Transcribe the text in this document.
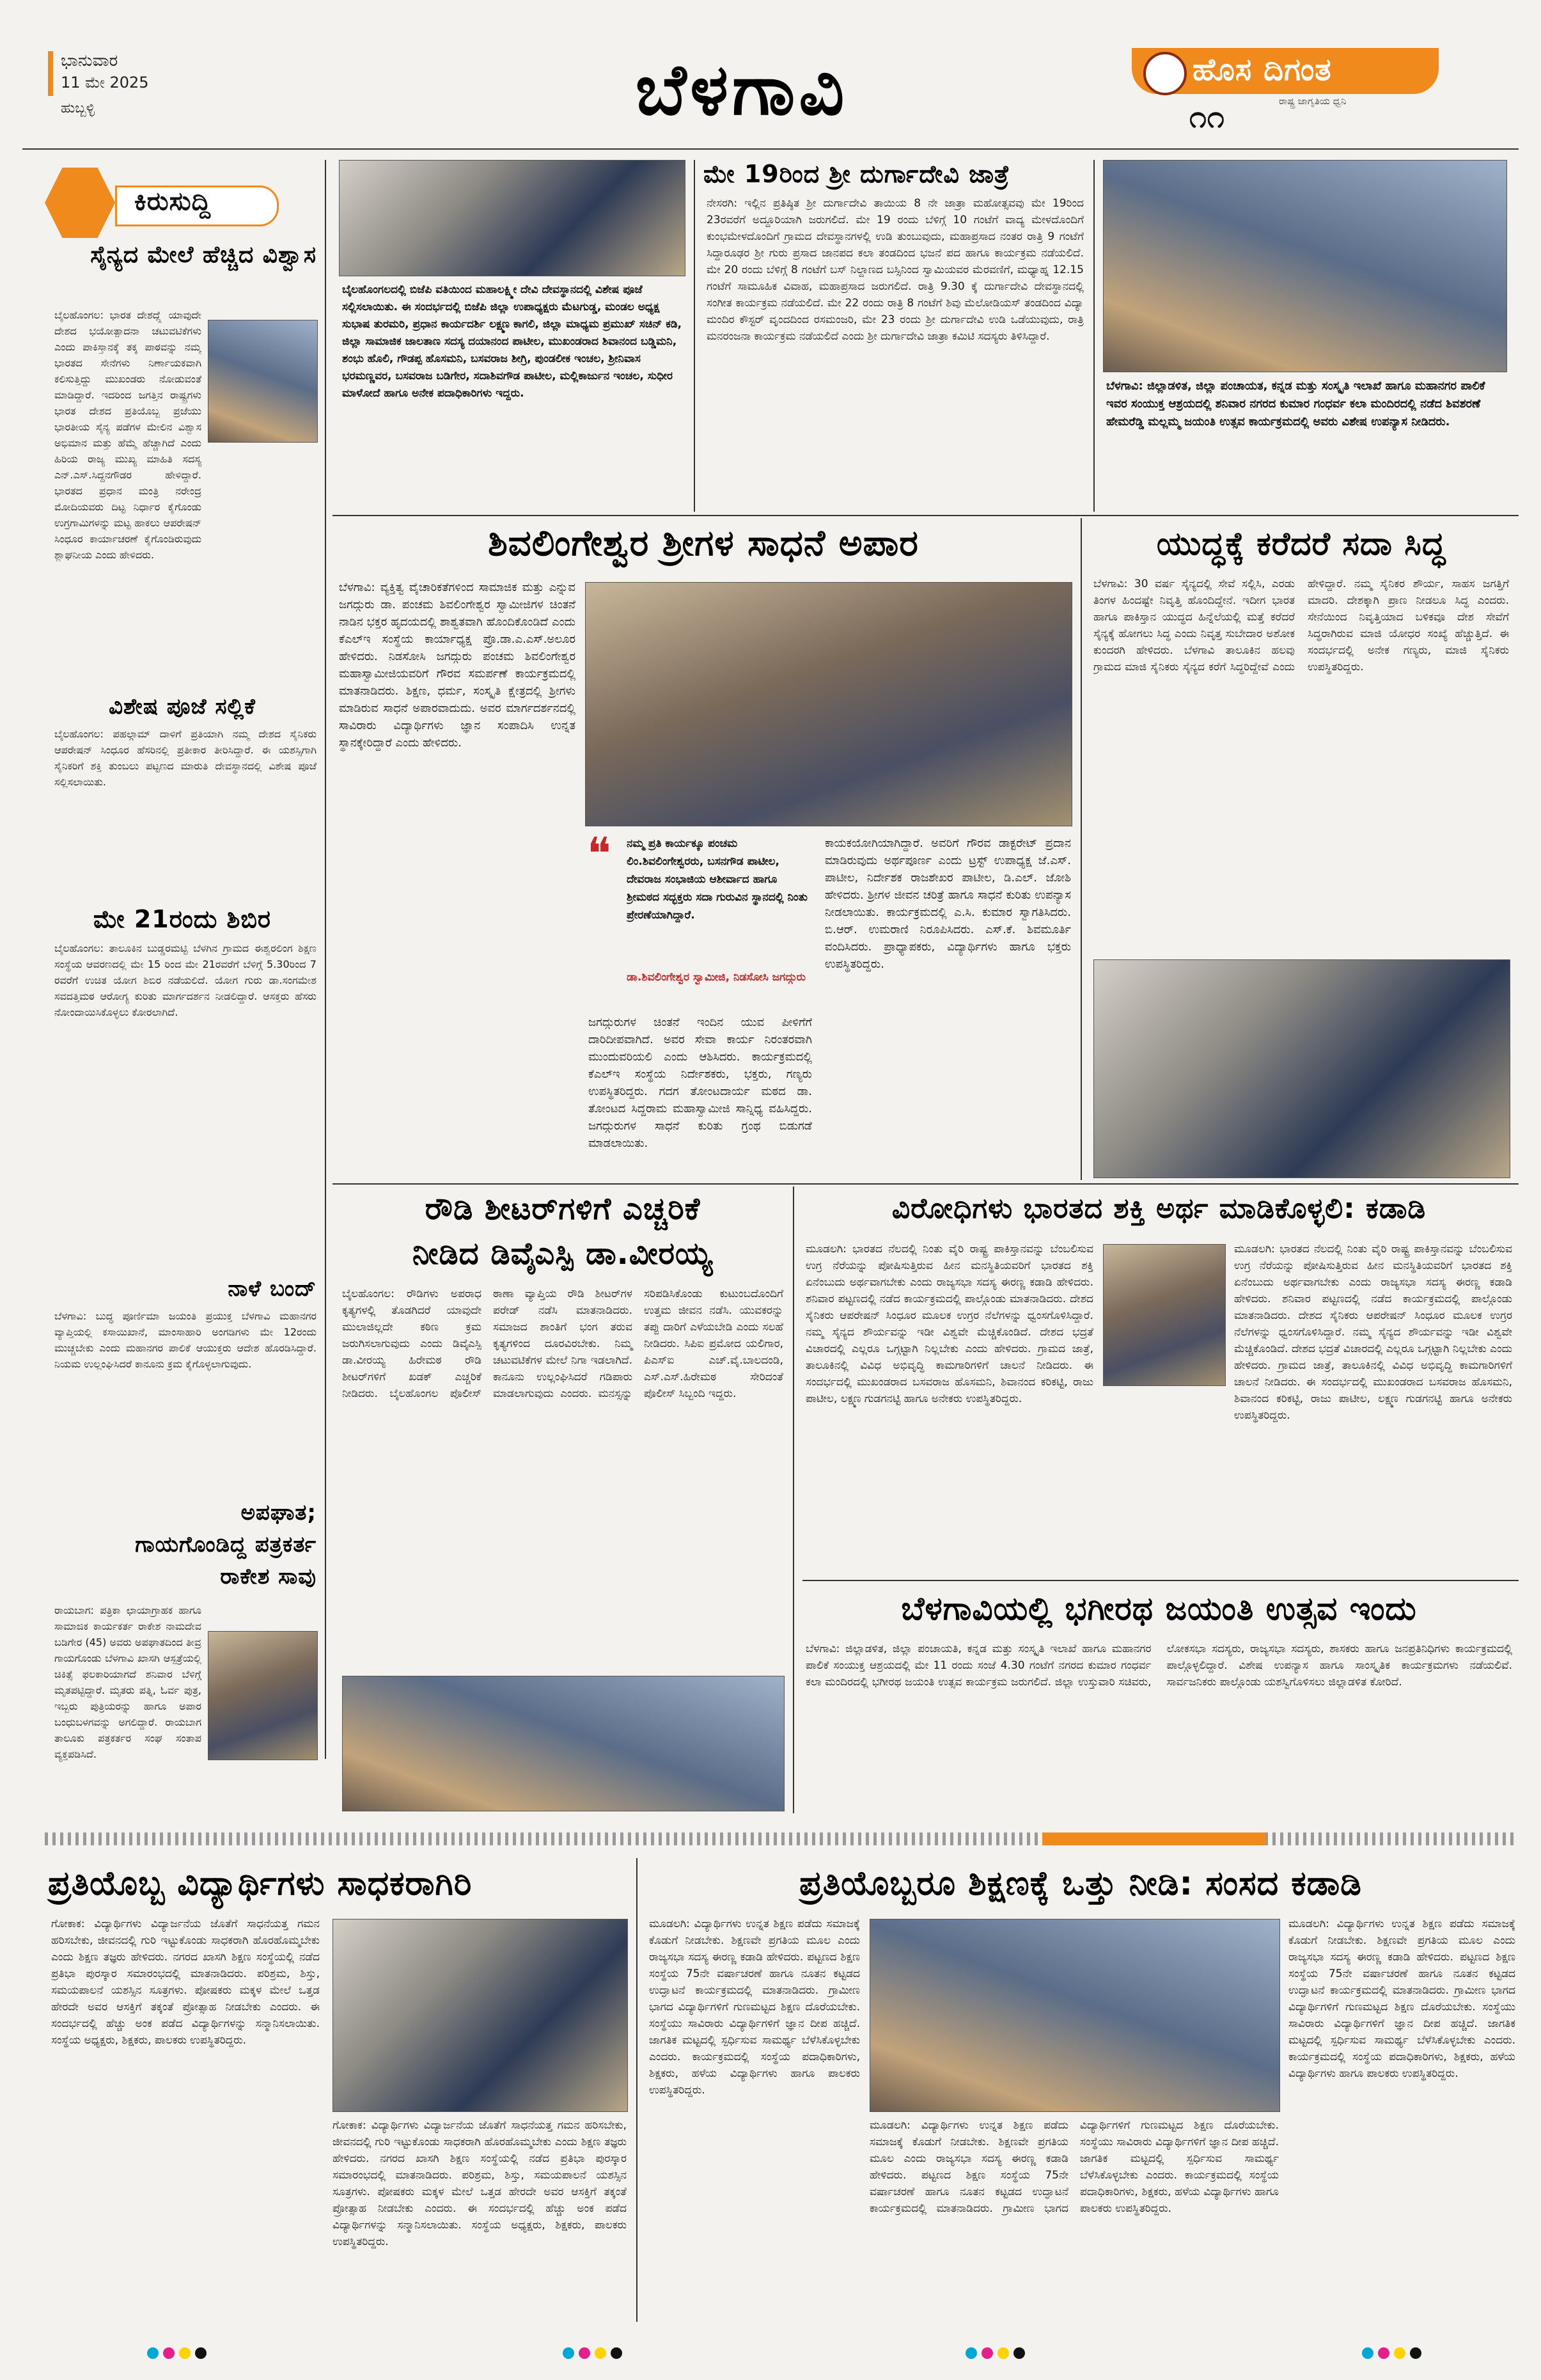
ಭಾನುವಾರ
11 ಮೇ 2025
ಹುಬ್ಬಳ್ಳಿ	ಬೆಳಗಾವಿ	ಹೊಸ ದಿಗಂತ
ರಾಷ್ಟ್ರ ಜಾಗೃತಿಯ ಧ್ವನಿ
೧೧
ಕಿರುಸುದ್ದಿ
ಸೈನ್ಯದ ಮೇಲೆ ಹೆಚ್ಚಿದ ವಿಶ್ವಾಸ
ಬೈಲಹೊಂಗಲ: ಭಾರತ ದೇಶದ್ಲ್ಲೆ ಯಾವುದೇ ದೇಶದ ಭಯೋತ್ಪಾದನಾ ಚಟುವಟಿಕೆಗಳು ಎಂದು ಪಾಕಿಸ್ತಾನಕ್ಕೆ ತಕ್ಕ ಪಾಠವನ್ನು ನಮ್ಮ ಭಾರತದ ಸೇನೆಗಳು ನಿರ್ಣಾಯಕವಾಗಿ ಕಲಿಸುತ್ತಿದ್ದು ಮುಖಂಡರು ನೋಡುವಂತೆ ಮಾಡಿದ್ದಾರೆ. ಇದರಿಂದ ಜಗತ್ತಿನ ರಾಷ್ಟ್ರಗಳು ಭಾರತ ದೇಶದ ಪ್ರತಿಯೊಬ್ಬ ಪ್ರಜೆಯು ಭಾರತೀಯ ಸೈನ್ಯ ಪಡೆಗಳ ಮೇಲಿನ ವಿಶ್ವಾಸ ಅಭಿಮಾನ ಮತ್ತು ಹೆಮ್ಮೆ ಹೆಚ್ಚಾಗಿದೆ ಎಂದು ಹಿರಿಯ ರಾಜ್ಯ ಮುಖ್ಯ ಮಾಹಿತಿ ಸದಸ್ಯ ಎನ್.ಎಸ್.ಸಿದ್ದನಗೌಡರ ಹೇಳಿದ್ದಾರೆ. ಭಾರತದ ಪ್ರಧಾನ ಮಂತ್ರಿ ನರೇಂದ್ರ ಮೋದಿಯವರು ದಿಟ್ಟ ನಿರ್ಧಾರ ಕೈಗೊಂಡು ಉಗ್ರಗಾಮಿಗಳನ್ನು ಮಟ್ಟ ಹಾಕಲು ಆಪರೇಷನ್ ಸಿಂಧೂರ ಕಾರ್ಯಾಚರಣೆ ಕೈಗೊಂಡಿರುವುದು ಶ್ಲಾಘನೀಯ ಎಂದು ಹೇಳಿದರು.
ವಿಶೇಷ ಪೂಜೆ ಸಲ್ಲಿಕೆ
ಬೈಲಹೊಂಗಲ: ಪಹಲ್ಗಾಮ್ ದಾಳಿಗೆ ಪ್ರತಿಯಾಗಿ ನಮ್ಮ ದೇಶದ ಸೈನಿಕರು ಆಪರೇಷನ್ ಸಿಂಧೂರ ಹೆಸರಿನಲ್ಲಿ ಪ್ರತೀಕಾರ ತೀರಿಸಿದ್ದಾರೆ. ಈ ಯಶಸ್ಸಿಗಾಗಿ ಸೈನಿಕರಿಗೆ ಶಕ್ತಿ ತುಂಬಲು ಪಟ್ಟಣದ ಮಾರುತಿ ದೇವಸ್ಥಾನದಲ್ಲಿ ವಿಶೇಷ ಪೂಜೆ ಸಲ್ಲಿಸಲಾಯಿತು.
ಮೇ 21ರಂದು ಶಿಬಿರ
ಬೈಲಹೊಂಗಲ: ತಾಲೂಕಿನ ಬುಡ್ಡರಮಟ್ಟಿ ಬೆಳಗಿನ ಗ್ರಾಮದ ಈಶ್ವರಲಿಂಗ ಶಿಕ್ಷಣ ಸಂಸ್ಥೆಯ ಆವರಣದಲ್ಲಿ ಮೇ 15 ರಿಂದ ಮೇ 21ರವರೆಗೆ ಬೆಳಿಗ್ಗೆ 5.30ರಿಂದ 7 ರವರೆಗೆ ಉಚಿತ ಯೋಗ ಶಿಬಿರ ನಡೆಯಲಿದೆ. ಯೋಗ ಗುರು ಡಾ.ಸಂಗಮೇಶ ಸವದತ್ತಿಮಠ ಆರೋಗ್ಯ ಕುರಿತು ಮಾರ್ಗದರ್ಶನ ನೀಡಲಿದ್ದಾರೆ. ಆಸಕ್ತರು ಹೆಸರು ನೋಂದಾಯಿಸಿಕೊಳ್ಳಲು ಕೋರಲಾಗಿದೆ.
ನಾಳೆ ಬಂದ್
ಬೆಳಗಾವಿ: ಬುದ್ಧ ಪೂರ್ಣಿಮಾ ಜಯಂತಿ ಪ್ರಯುಕ್ತ ಬೆಳಗಾವಿ ಮಹಾನಗರ ವ್ಯಾಪ್ತಿಯಲ್ಲಿ ಕಸಾಯಿಖಾನೆ, ಮಾಂಸಾಹಾರಿ ಅಂಗಡಿಗಳು ಮೇ 12ರಂದು ಮುಚ್ಚಬೇಕು ಎಂದು ಮಹಾನಗರ ಪಾಲಿಕೆ ಆಯುಕ್ತರು ಆದೇಶ ಹೊರಡಿಸಿದ್ದಾರೆ. ನಿಯಮ ಉಲ್ಲಂಘಿಸಿದರೆ ಕಾನೂನು ಕ್ರಮ ಕೈಗೊಳ್ಳಲಾಗುವುದು.
ಅಪಘಾತ;
ಗಾಯಗೊಂಡಿದ್ದ ಪತ್ರಕರ್ತ
ರಾಕೇಶ ಸಾವು
ರಾಯಬಾಗ: ಪತ್ರಿಕಾ ಛಾಯಾಗ್ರಾಹಕ ಹಾಗೂ ಸಾಮಾಜಿಕ ಕಾರ್ಯಕರ್ತ ರಾಕೇಶ ನಾಮದೇವ ಬಡಿಗೇರ (45) ಅವರು ಅಪಘಾತದಿಂದ ತೀವ್ರ ಗಾಯಗೊಂಡು ಬೆಳಗಾವಿ ಖಾಸಗಿ ಆಸ್ಪತ್ರೆಯಲ್ಲಿ ಚಿಕಿತ್ಸೆ ಫಲಕಾರಿಯಾಗದೆ ಶನಿವಾರ ಬೆಳಿಗ್ಗೆ ಮೃತಪಟ್ಟಿದ್ದಾರೆ. ಮೃತರು ಪತ್ನಿ, ಓರ್ವ ಪುತ್ರ, ಇಬ್ಬರು ಪುತ್ರಿಯರನ್ನು ಹಾಗೂ ಅಪಾರ ಬಂಧುಬಳಗವನ್ನು ಅಗಲಿದ್ದಾರೆ. ರಾಯಬಾಗ ತಾಲೂಕು ಪತ್ರಕರ್ತರ ಸಂಘ ಸಂತಾಪ ವ್ಯಕ್ತಪಡಿಸಿದೆ.
ಬೈಲಹೊಂಗಲದಲ್ಲಿ ಬಿಜೆಪಿ ವತಿಯಿಂದ ಮಹಾಲಕ್ಷ್ಮೀ ದೇವಿ ದೇವಸ್ಥಾನದಲ್ಲಿ ವಿಶೇಷ ಪೂಜೆ ಸಲ್ಲಿಸಲಾಯಿತು. ಈ ಸಂದರ್ಭದಲ್ಲಿ ಬಿಜೆಪಿ ಜಿಲ್ಲಾ ಉಪಾಧ್ಯಕ್ಷರು ಮೆಟಗುಡ್ಡ, ಮಂಡಲ ಅಧ್ಯಕ್ಷ ಸುಭಾಷ ತುರಮರಿ, ಪ್ರಧಾನ ಕಾರ್ಯದರ್ಶಿ ಲಕ್ಷ್ಮಣ ಕಾಗಲಿ, ಜಿಲ್ಲಾ ಮಾಧ್ಯಮ ಪ್ರಮುಖ್ ಸಚಿನ್ ಕಡಿ, ಜಿಲ್ಲಾ ಸಾಮಾಜಿಕ ಜಾಲತಾಣ ಸದಸ್ಯ ದಯಾನಂದ ಪಾಟೀಲ, ಮುಖಂಡರಾದ ಶಿವಾನಂದ ಬಡ್ಡಿಮನಿ, ಶಂಭು ಹೊಲಿ, ಗೌಡಪ್ಪ ಹೊಸಮನಿ, ಬಸವರಾಜ ಶೀಗ್ರಿ, ಪುಂಡಲೀಕ ಇಂಚಲ, ಶ್ರೀನಿವಾಸ ಭರಮಣ್ಣವರ, ಬಸವರಾಜ ಬಡಿಗೇರ, ಸದಾಶಿವಗೌಡ ಪಾಟೀಲ, ಮಲ್ಲಿಕಾರ್ಜುನ ಇಂಚಲ, ಸುಧೀರ ಮಾಳೋದೆ ಹಾಗೂ ಅನೇಕ ಪದಾಧಿಕಾರಿಗಳು ಇದ್ದರು.
ಮೇ 19ರಿಂದ ಶ್ರೀ ದುರ್ಗಾದೇವಿ ಜಾತ್ರೆ
ನೇಸರಗಿ: ಇಲ್ಲಿನ ಪ್ರತಿಷ್ಠಿತ ಶ್ರೀ ದುರ್ಗಾದೇವಿ ತಾಯಿಯ 8 ನೇ ಜಾತ್ರಾ ಮಹೋತ್ಸವವು ಮೇ 19ರಿಂದ 23ರವರೆಗೆ ಅದ್ದೂರಿಯಾಗಿ ಜರುಗಲಿದೆ. ಮೇ 19 ರಂದು ಬೆಳಿಗ್ಗೆ 10 ಗಂಟೆಗೆ ವಾದ್ಯ ಮೇಳದೊಂದಿಗೆ ಕುಂಭಮೇಳದೊಂದಿಗೆ ಗ್ರಾಮದ ದೇವಸ್ಥಾನಗಳಲ್ಲಿ ಉಡಿ ತುಂಬುವುದು, ಮಹಾಪ್ರಸಾದ ನಂತರ ರಾತ್ರಿ 9 ಗಂಟೆಗೆ ಸಿದ್ದಾರೂಢರ ಶ್ರೀ ಗುರು ಪ್ರಸಾದ ಜಾನಪದ ಕಲಾ ತಂಡದಿಂದ ಭಜನೆ ಪದ ಹಾಗೂ ಕಾರ್ಯಕ್ರಮ ನಡೆಯಲಿದೆ. ಮೇ 20 ರಂದು ಬೆಳಿಗ್ಗೆ 8 ಗಂಟೆಗೆ ಬಸ್ ನಿಲ್ದಾಣದ ಬಸ್ಸಿನಿಂದ ಸ್ವಾಮಿಯವರ ಮೆರವಣಿಗೆ, ಮಧ್ಯಾಹ್ನ 12.15 ಗಂಟೆಗೆ ಸಾಮೂಹಿಕ ವಿವಾಹ, ಮಹಾಪ್ರಸಾದ ಜರುಗಲಿದೆ. ರಾತ್ರಿ 9.30 ಕ್ಕೆ ದುರ್ಗಾದೇವಿ ದೇವಸ್ಥಾನದಲ್ಲಿ ಸಂಗೀತ ಕಾರ್ಯಕ್ರಮ ನಡೆಯಲಿದೆ. ಮೇ 22 ರಂದು ರಾತ್ರಿ 8 ಗಂಟೆಗೆ ಶಿವು ಮೆಲೋಡಿಯಸ್ ತಂಡದಿಂದ ವಿದ್ಯಾ ಮಂದಿರ ಕೌಸ್ಟರ್ ವೃಂದದಿಂದ ರಸಮಂಜರಿ, ಮೇ 23 ರಂದು ಶ್ರೀ ದುರ್ಗಾದೇವಿ ಉಡಿ ಒಡೆಯುವುದು, ರಾತ್ರಿ ಮನರಂಜನಾ ಕಾರ್ಯಕ್ರಮ ನಡೆಯಲಿದೆ ಎಂದು ಶ್ರೀ ದುರ್ಗಾದೇವಿ ಜಾತ್ರಾ ಕಮಿಟಿ ಸದಸ್ಯರು ತಿಳಿಸಿದ್ದಾರೆ.
ಬೆಳಗಾವಿ: ಜಿಲ್ಲಾಡಳಿತ, ಜಿಲ್ಲಾ ಪಂಚಾಯತ, ಕನ್ನಡ ಮತ್ತು ಸಂಸ್ಕೃತಿ ಇಲಾಖೆ ಹಾಗೂ ಮಹಾನಗರ ಪಾಲಿಕೆ ಇವರ ಸಂಯುಕ್ತ ಆಶ್ರಯದಲ್ಲಿ ಶನಿವಾರ ನಗರದ ಕುಮಾರ ಗಂಧರ್ವ ಕಲಾ ಮಂದಿರದಲ್ಲಿ ನಡೆದ ಶಿವಶರಣೆ ಹೇಮರೆಡ್ಡಿ ಮಲ್ಲಮ್ಮ ಜಯಂತಿ ಉತ್ಸವ ಕಾರ್ಯಕ್ರಮದಲ್ಲಿ ಅವರು ವಿಶೇಷ ಉಪನ್ಯಾಸ ನೀಡಿದರು.
ಶಿವಲಿಂಗೇಶ್ವರ ಶ್ರೀಗಳ ಸಾಧನೆ ಅಪಾರ
ಬೆಳಗಾವಿ: ವ್ಯಕ್ತಿತ್ವ ವೈಚಾರಿಕತೆಗಳಿಂದ ಸಾಮಾಜಿಕ ಮತ್ತು ಎನ್ನುವ ಜಗದ್ಗುರು ಡಾ. ಪಂಚಮ ಶಿವಲಿಂಗೇಶ್ವರ ಸ್ವಾಮೀಜಿಗಳ ಚಿಂತನೆ ನಾಡಿನ ಭಕ್ತರ ಹೃದಯದಲ್ಲಿ ಶಾಶ್ವತವಾಗಿ ಹೊಂದಿಕೊಂಡಿದೆ ಎಂದು ಕೆಎಲ್ಇ ಸಂಸ್ಥೆಯ ಕಾರ್ಯಾಧ್ಯಕ್ಷ ಪ್ರೊ.ಡಾ.ಎ.ಎಸ್.ಅಲೂರ ಹೇಳಿದರು. ನಿಡಸೋಸಿ ಜಗದ್ಗುರು ಪಂಚಮ ಶಿವಲಿಂಗೇಶ್ವರ ಮಹಾಸ್ವಾಮೀಜಿಯವರಿಗೆ ಗೌರವ ಸಮರ್ಪಣೆ ಕಾರ್ಯಕ್ರಮದಲ್ಲಿ ಮಾತನಾಡಿದರು. ಶಿಕ್ಷಣ, ಧರ್ಮ, ಸಂಸ್ಕೃತಿ ಕ್ಷೇತ್ರದಲ್ಲಿ ಶ್ರೀಗಳು ಮಾಡಿರುವ ಸಾಧನೆ ಅಪಾರವಾದುದು. ಅವರ ಮಾರ್ಗದರ್ಶನದಲ್ಲಿ ಸಾವಿರಾರು ವಿದ್ಯಾರ್ಥಿಗಳು ಜ್ಞಾನ ಸಂಪಾದಿಸಿ ಉನ್ನತ ಸ್ಥಾನಕ್ಕೇರಿದ್ದಾರೆ ಎಂದು ಹೇಳಿದರು.
❝ ನಮ್ಮ ಪ್ರತಿ ಕಾರ್ಯಕ್ಕೂ ಪಂಚಮ ಲಿಂ.ಶಿವಲಿಂಗೇಶ್ವರರು, ಬಸನಗೌಡ ಪಾಟೀಲ, ದೇವರಾಜ ಸಂಭಾಜಿಯ ಆಶೀರ್ವಾದ ಹಾಗೂ ಶ್ರೀಮಠದ ಸದ್ಭಕ್ತರು ಸದಾ ಗುರುವಿನ ಸ್ಥಾನದಲ್ಲಿ ನಿಂತು ಪ್ರೇರಣೆಯಾಗಿದ್ದಾರೆ.
ಡಾ.ಶಿವಲಿಂಗೇಶ್ವರ ಸ್ವಾಮೀಜಿ, ನಿಡಸೋಸಿ ಜಗದ್ಗುರು
ಜಗದ್ಗುರುಗಳ ಚಿಂತನೆ ಇಂದಿನ ಯುವ ಪೀಳಿಗೆಗೆ ದಾರಿದೀಪವಾಗಿದೆ. ಅವರ ಸೇವಾ ಕಾರ್ಯ ನಿರಂತರವಾಗಿ ಮುಂದುವರಿಯಲಿ ಎಂದು ಆಶಿಸಿದರು. ಕಾರ್ಯಕ್ರಮದಲ್ಲಿ ಕೆಎಲ್ಇ ಸಂಸ್ಥೆಯ ನಿರ್ದೇಶಕರು, ಭಕ್ತರು, ಗಣ್ಯರು ಉಪಸ್ಥಿತರಿದ್ದರು. ಗದಗ ತೋಂಟದಾರ್ಯ ಮಠದ ಡಾ. ತೋಂಟದ ಸಿದ್ದರಾಮ ಮಹಾಸ್ವಾಮೀಜಿ ಸಾನ್ನಿಧ್ಯ ವಹಿಸಿದ್ದರು. ಜಗದ್ಗುರುಗಳ ಸಾಧನೆ ಕುರಿತು ಗ್ರಂಥ ಬಿಡುಗಡೆ ಮಾಡಲಾಯಿತು.
ಕಾಯಕಯೋಗಿಯಾಗಿದ್ದಾರೆ. ಅವರಿಗೆ ಗೌರವ ಡಾಕ್ಟರೇಟ್ ಪ್ರದಾನ ಮಾಡಿರುವುದು ಅರ್ಥಪೂರ್ಣ ಎಂದು ಟ್ರಸ್ಟ್ ಉಪಾಧ್ಯಕ್ಷ ಜೆ.ಎಸ್. ಪಾಟೀಲ, ನಿರ್ದೇಶಕ ರಾಜಶೇಖರ ಪಾಟೀಲ, ಡಿ.ಎಲ್. ಜೋಶಿ ಹೇಳಿದರು. ಶ್ರೀಗಳ ಜೀವನ ಚರಿತ್ರೆ ಹಾಗೂ ಸಾಧನೆ ಕುರಿತು ಉಪನ್ಯಾಸ ನೀಡಲಾಯಿತು. ಕಾರ್ಯಕ್ರಮದಲ್ಲಿ ಎ.ಸಿ. ಕುಮಾರ ಸ್ವಾಗತಿಸಿದರು. ಬಿ.ಆರ್. ಉಮರಾಣಿ ನಿರೂಪಿಸಿದರು. ಎಸ್.ಕೆ. ಶಿವಮೂರ್ತಿ ವಂದಿಸಿದರು. ಪ್ರಾಧ್ಯಾಪಕರು, ವಿದ್ಯಾರ್ಥಿಗಳು ಹಾಗೂ ಭಕ್ತರು ಉಪಸ್ಥಿತರಿದ್ದರು.
ಯುದ್ಧಕ್ಕೆ ಕರೆದರೆ ಸದಾ ಸಿದ್ಧ
ಬೆಳಗಾವಿ: 30 ವರ್ಷ ಸೈನ್ಯದಲ್ಲಿ ಸೇವೆ ಸಲ್ಲಿಸಿ, ಎರಡು ತಿಂಗಳ ಹಿಂದಷ್ಟೇ ನಿವೃತ್ತಿ ಹೊಂದಿದ್ದೇನೆ. ಇದೀಗ ಭಾರತ ಹಾಗೂ ಪಾಕಿಸ್ತಾನ ಯುದ್ಧದ ಹಿನ್ನೆಲೆಯಲ್ಲಿ ಮತ್ತೆ ಕರೆದರೆ ಸೈನ್ಯಕ್ಕೆ ಹೋಗಲು ಸಿದ್ಧ ಎಂದು ನಿವೃತ್ತ ಸುಬೇದಾರ ಅಶೋಕ ಕುಂದರಗಿ ಹೇಳಿದರು. ಬೆಳಗಾವಿ ತಾಲೂಕಿನ ಹಲವು ಗ್ರಾಮದ ಮಾಜಿ ಸೈನಿಕರು ಸೈನ್ಯದ ಕರೆಗೆ ಸಿದ್ಧರಿದ್ದೇವೆ ಎಂದು ಹೇಳಿದ್ದಾರೆ. ನಮ್ಮ ಸೈನಿಕರ ಶೌರ್ಯ, ಸಾಹಸ ಜಗತ್ತಿಗೆ ಮಾದರಿ. ದೇಶಕ್ಕಾಗಿ ಪ್ರಾಣ ನೀಡಲೂ ಸಿದ್ಧ ಎಂದರು. ಸೇನೆಯಿಂದ ನಿವೃತ್ತಿಯಾದ ಬಳಿಕವೂ ದೇಶ ಸೇವೆಗೆ ಸಿದ್ಧರಾಗಿರುವ ಮಾಜಿ ಯೋಧರ ಸಂಖ್ಯೆ ಹೆಚ್ಚುತ್ತಿದೆ. ಈ ಸಂದರ್ಭದಲ್ಲಿ ಅನೇಕ ಗಣ್ಯರು, ಮಾಜಿ ಸೈನಿಕರು ಉಪಸ್ಥಿತರಿದ್ದರು.
ರೌಡಿ ಶೀಟರ್‌ಗಳಿಗೆ ಎಚ್ಚರಿಕೆ
ನೀಡಿದ ಡಿವೈಎಸ್ಪಿ ಡಾ.ವೀರಯ್ಯ
ಬೈಲಹೊಂಗಲ: ರೌಡಿಗಳು ಅಪರಾಧ ಕೃತ್ಯಗಳಲ್ಲಿ ತೊಡಗಿದರೆ ಯಾವುದೇ ಮುಲಾಜಿಲ್ಲದೇ ಕಠಿಣ ಕ್ರಮ ಜರುಗಿಸಲಾಗುವುದು ಎಂದು ಡಿವೈಎಸ್ಪಿ ಡಾ.ವೀರಯ್ಯ ಹಿರೇಮಠ ರೌಡಿ ಶೀಟರ್‌ಗಳಿಗೆ ಖಡಕ್ ಎಚ್ಚರಿಕೆ ನೀಡಿದರು. ಬೈಲಹೊಂಗಲ ಪೊಲೀಸ್ ಠಾಣಾ ವ್ಯಾಪ್ತಿಯ ರೌಡಿ ಶೀಟರ್‌ಗಳ ಪರೇಡ್ ನಡೆಸಿ ಮಾತನಾಡಿದರು. ಸಮಾಜದ ಶಾಂತಿಗೆ ಭಂಗ ತರುವ ಕೃತ್ಯಗಳಿಂದ ದೂರವಿರಬೇಕು. ನಿಮ್ಮ ಚಟುವಟಿಕೆಗಳ ಮೇಲೆ ನಿಗಾ ಇಡಲಾಗಿದೆ. ಕಾನೂನು ಉಲ್ಲಂಘಿಸಿದರೆ ಗಡಿಪಾರು ಮಾಡಲಾಗುವುದು ಎಂದರು. ಮನಸ್ಸನ್ನು ಸರಿಪಡಿಸಿಕೊಂಡು ಕುಟುಂಬದೊಂದಿಗೆ ಉತ್ತಮ ಜೀವನ ನಡೆಸಿ. ಯುವಕರನ್ನು ತಪ್ಪು ದಾರಿಗೆ ಎಳೆಯಬೇಡಿ ಎಂದು ಸಲಹೆ ನೀಡಿದರು. ಸಿಪಿಐ ಪ್ರಮೋದ ಯಲಿಗಾರ, ಪಿಎಸ್ಐ ಎಚ್.ವೈ.ಬಾಲದಂಡಿ, ಎಸ್.ಎಸ್.ಹಿರೇಮಠ ಸೇರಿದಂತೆ ಪೊಲೀಸ್ ಸಿಬ್ಬಂದಿ ಇದ್ದರು.
ವಿರೋಧಿಗಳು ಭಾರತದ ಶಕ್ತಿ ಅರ್ಥ ಮಾಡಿಕೊಳ್ಳಲಿ: ಕಡಾಡಿ
ಮೂಡಲಗಿ: ಭಾರತದ ನೆಲದಲ್ಲಿ ನಿಂತು ವೈರಿ ರಾಷ್ಟ್ರ ಪಾಕಿಸ್ತಾನವನ್ನು ಬೆಂಬಲಿಸುವ ಉಗ್ರ ನೆರೆಯನ್ನು ಪೋಷಿಸುತ್ತಿರುವ ಹೀನ ಮನಸ್ಥಿತಿಯವರಿಗೆ ಭಾರತದ ಶಕ್ತಿ ಏನೆಂಬುದು ಅರ್ಥವಾಗಬೇಕು ಎಂದು ರಾಜ್ಯಸಭಾ ಸದಸ್ಯ ಈರಣ್ಣ ಕಡಾಡಿ ಹೇಳಿದರು. ಶನಿವಾರ ಪಟ್ಟಣದಲ್ಲಿ ನಡೆದ ಕಾರ್ಯಕ್ರಮದಲ್ಲಿ ಪಾಲ್ಗೊಂಡು ಮಾತನಾಡಿದರು. ದೇಶದ ಸೈನಿಕರು ಆಪರೇಷನ್ ಸಿಂಧೂರ ಮೂಲಕ ಉಗ್ರರ ನೆಲೆಗಳನ್ನು ಧ್ವಂಸಗೊಳಿಸಿದ್ದಾರೆ. ನಮ್ಮ ಸೈನ್ಯದ ಶೌರ್ಯವನ್ನು ಇಡೀ ವಿಶ್ವವೇ ಮೆಚ್ಚಿಕೊಂಡಿದೆ. ದೇಶದ ಭದ್ರತೆ ವಿಚಾರದಲ್ಲಿ ಎಲ್ಲರೂ ಒಗ್ಗಟ್ಟಾಗಿ ನಿಲ್ಲಬೇಕು ಎಂದು ಹೇಳಿದರು. ಗ್ರಾಮದ ಜಾತ್ರೆ, ತಾಲೂಕಿನಲ್ಲಿ ವಿವಿಧ ಅಭಿವೃದ್ಧಿ ಕಾಮಗಾರಿಗಳಿಗೆ ಚಾಲನೆ ನೀಡಿದರು. ಈ ಸಂದರ್ಭದಲ್ಲಿ ಮುಖಂಡರಾದ ಬಸವರಾಜ ಹೊಸಮನಿ, ಶಿವಾನಂದ ಕರಿಕಟ್ಟಿ, ರಾಜು ಪಾಟೀಲ, ಲಕ್ಷ್ಮಣ ಗುಡಗನಟ್ಟಿ ಹಾಗೂ ಅನೇಕರು ಉಪಸ್ಥಿತರಿದ್ದರು.
ಮೂಡಲಗಿ: ಭಾರತದ ನೆಲದಲ್ಲಿ ನಿಂತು ವೈರಿ ರಾಷ್ಟ್ರ ಪಾಕಿಸ್ತಾನವನ್ನು ಬೆಂಬಲಿಸುವ ಉಗ್ರ ನೆರೆಯನ್ನು ಪೋಷಿಸುತ್ತಿರುವ ಹೀನ ಮನಸ್ಥಿತಿಯವರಿಗೆ ಭಾರತದ ಶಕ್ತಿ ಏನೆಂಬುದು ಅರ್ಥವಾಗಬೇಕು ಎಂದು ರಾಜ್ಯಸಭಾ ಸದಸ್ಯ ಈರಣ್ಣ ಕಡಾಡಿ ಹೇಳಿದರು. ಶನಿವಾರ ಪಟ್ಟಣದಲ್ಲಿ ನಡೆದ ಕಾರ್ಯಕ್ರಮದಲ್ಲಿ ಪಾಲ್ಗೊಂಡು ಮಾತನಾಡಿದರು. ದೇಶದ ಸೈನಿಕರು ಆಪರೇಷನ್ ಸಿಂಧೂರ ಮೂಲಕ ಉಗ್ರರ ನೆಲೆಗಳನ್ನು ಧ್ವಂಸಗೊಳಿಸಿದ್ದಾರೆ. ನಮ್ಮ ಸೈನ್ಯದ ಶೌರ್ಯವನ್ನು ಇಡೀ ವಿಶ್ವವೇ ಮೆಚ್ಚಿಕೊಂಡಿದೆ. ದೇಶದ ಭದ್ರತೆ ವಿಚಾರದಲ್ಲಿ ಎಲ್ಲರೂ ಒಗ್ಗಟ್ಟಾಗಿ ನಿಲ್ಲಬೇಕು ಎಂದು ಹೇಳಿದರು. ಗ್ರಾಮದ ಜಾತ್ರೆ, ತಾಲೂಕಿನಲ್ಲಿ ವಿವಿಧ ಅಭಿವೃದ್ಧಿ ಕಾಮಗಾರಿಗಳಿಗೆ ಚಾಲನೆ ನೀಡಿದರು. ಈ ಸಂದರ್ಭದಲ್ಲಿ ಮುಖಂಡರಾದ ಬಸವರಾಜ ಹೊಸಮನಿ, ಶಿವಾನಂದ ಕರಿಕಟ್ಟಿ, ರಾಜು ಪಾಟೀಲ, ಲಕ್ಷ್ಮಣ ಗುಡಗನಟ್ಟಿ ಹಾಗೂ ಅನೇಕರು ಉಪಸ್ಥಿತರಿದ್ದರು.
ಬೆಳಗಾವಿಯಲ್ಲಿ ಭಗೀರಥ ಜಯಂತಿ ಉತ್ಸವ ಇಂದು
ಬೆಳಗಾವಿ: ಜಿಲ್ಲಾಡಳಿತ, ಜಿಲ್ಲಾ ಪಂಚಾಯತಿ, ಕನ್ನಡ ಮತ್ತು ಸಂಸ್ಕೃತಿ ಇಲಾಖೆ ಹಾಗೂ ಮಹಾನಗರ ಪಾಲಿಕೆ ಸಂಯುಕ್ತ ಆಶ್ರಯದಲ್ಲಿ ಮೇ 11 ರಂದು ಸಂಜೆ 4.30 ಗಂಟೆಗೆ ನಗರದ ಕುಮಾರ ಗಂಧರ್ವ ಕಲಾ ಮಂದಿರದಲ್ಲಿ ಭಗೀರಥ ಜಯಂತಿ ಉತ್ಸವ ಕಾರ್ಯಕ್ರಮ ಜರುಗಲಿದೆ. ಜಿಲ್ಲಾ ಉಸ್ತುವಾರಿ ಸಚಿವರು, ಲೋಕಸಭಾ ಸದಸ್ಯರು, ರಾಜ್ಯಸಭಾ ಸದಸ್ಯರು, ಶಾಸಕರು ಹಾಗೂ ಜನಪ್ರತಿನಿಧಿಗಳು ಕಾರ್ಯಕ್ರಮದಲ್ಲಿ ಪಾಲ್ಗೊಳ್ಳಲಿದ್ದಾರೆ. ವಿಶೇಷ ಉಪನ್ಯಾಸ ಹಾಗೂ ಸಾಂಸ್ಕೃತಿಕ ಕಾರ್ಯಕ್ರಮಗಳು ನಡೆಯಲಿವೆ. ಸಾರ್ವಜನಿಕರು ಪಾಲ್ಗೊಂಡು ಯಶಸ್ವಿಗೊಳಿಸಲು ಜಿಲ್ಲಾಡಳಿತ ಕೋರಿದೆ.
ಪ್ರತಿಯೊಬ್ಬ ವಿದ್ಯಾರ್ಥಿಗಳು ಸಾಧಕರಾಗಿರಿ
ಗೋಕಾಕ: ವಿದ್ಯಾರ್ಥಿಗಳು ವಿದ್ಯಾರ್ಜನೆಯ ಜೊತೆಗೆ ಸಾಧನೆಯತ್ತ ಗಮನ ಹರಿಸಬೇಕು, ಜೀವನದಲ್ಲಿ ಗುರಿ ಇಟ್ಟುಕೊಂಡು ಸಾಧಕರಾಗಿ ಹೊರಹೊಮ್ಮಬೇಕು ಎಂದು ಶಿಕ್ಷಣ ತಜ್ಞರು ಹೇಳಿದರು. ನಗರದ ಖಾಸಗಿ ಶಿಕ್ಷಣ ಸಂಸ್ಥೆಯಲ್ಲಿ ನಡೆದ ಪ್ರತಿಭಾ ಪುರಸ್ಕಾರ ಸಮಾರಂಭದಲ್ಲಿ ಮಾತನಾಡಿದರು. ಪರಿಶ್ರಮ, ಶಿಸ್ತು, ಸಮಯಪಾಲನೆ ಯಶಸ್ಸಿನ ಸೂತ್ರಗಳು. ಪೋಷಕರು ಮಕ್ಕಳ ಮೇಲೆ ಒತ್ತಡ ಹೇರದೇ ಅವರ ಆಸಕ್ತಿಗೆ ತಕ್ಕಂತೆ ಪ್ರೋತ್ಸಾಹ ನೀಡಬೇಕು ಎಂದರು. ಈ ಸಂದರ್ಭದಲ್ಲಿ ಹೆಚ್ಚು ಅಂಕ ಪಡೆದ ವಿದ್ಯಾರ್ಥಿಗಳನ್ನು ಸನ್ಮಾನಿಸಲಾಯಿತು. ಸಂಸ್ಥೆಯ ಅಧ್ಯಕ್ಷರು, ಶಿಕ್ಷಕರು, ಪಾಲಕರು ಉಪಸ್ಥಿತರಿದ್ದರು.
ಗೋಕಾಕ: ವಿದ್ಯಾರ್ಥಿಗಳು ವಿದ್ಯಾರ್ಜನೆಯ ಜೊತೆಗೆ ಸಾಧನೆಯತ್ತ ಗಮನ ಹರಿಸಬೇಕು, ಜೀವನದಲ್ಲಿ ಗುರಿ ಇಟ್ಟುಕೊಂಡು ಸಾಧಕರಾಗಿ ಹೊರಹೊಮ್ಮಬೇಕು ಎಂದು ಶಿಕ್ಷಣ ತಜ್ಞರು ಹೇಳಿದರು. ನಗರದ ಖಾಸಗಿ ಶಿಕ್ಷಣ ಸಂಸ್ಥೆಯಲ್ಲಿ ನಡೆದ ಪ್ರತಿಭಾ ಪುರಸ್ಕಾರ ಸಮಾರಂಭದಲ್ಲಿ ಮಾತನಾಡಿದರು. ಪರಿಶ್ರಮ, ಶಿಸ್ತು, ಸಮಯಪಾಲನೆ ಯಶಸ್ಸಿನ ಸೂತ್ರಗಳು. ಪೋಷಕರು ಮಕ್ಕಳ ಮೇಲೆ ಒತ್ತಡ ಹೇರದೇ ಅವರ ಆಸಕ್ತಿಗೆ ತಕ್ಕಂತೆ ಪ್ರೋತ್ಸಾಹ ನೀಡಬೇಕು ಎಂದರು. ಈ ಸಂದರ್ಭದಲ್ಲಿ ಹೆಚ್ಚು ಅಂಕ ಪಡೆದ ವಿದ್ಯಾರ್ಥಿಗಳನ್ನು ಸನ್ಮಾನಿಸಲಾಯಿತು. ಸಂಸ್ಥೆಯ ಅಧ್ಯಕ್ಷರು, ಶಿಕ್ಷಕರು, ಪಾಲಕರು ಉಪಸ್ಥಿತರಿದ್ದರು.
ಪ್ರತಿಯೊಬ್ಬರೂ ಶಿಕ್ಷಣಕ್ಕೆ ಒತ್ತು ನೀಡಿ: ಸಂಸದ ಕಡಾಡಿ
ಮೂಡಲಗಿ: ವಿದ್ಯಾರ್ಥಿಗಳು ಉನ್ನತ ಶಿಕ್ಷಣ ಪಡೆದು ಸಮಾಜಕ್ಕೆ ಕೊಡುಗೆ ನೀಡಬೇಕು. ಶಿಕ್ಷಣವೇ ಪ್ರಗತಿಯ ಮೂಲ ಎಂದು ರಾಜ್ಯಸಭಾ ಸದಸ್ಯ ಈರಣ್ಣ ಕಡಾಡಿ ಹೇಳಿದರು. ಪಟ್ಟಣದ ಶಿಕ್ಷಣ ಸಂಸ್ಥೆಯ 75ನೇ ವರ್ಷಾಚರಣೆ ಹಾಗೂ ನೂತನ ಕಟ್ಟಡದ ಉದ್ಘಾಟನೆ ಕಾರ್ಯಕ್ರಮದಲ್ಲಿ ಮಾತನಾಡಿದರು. ಗ್ರಾಮೀಣ ಭಾಗದ ವಿದ್ಯಾರ್ಥಿಗಳಿಗೆ ಗುಣಮಟ್ಟದ ಶಿಕ್ಷಣ ದೊರೆಯಬೇಕು. ಸಂಸ್ಥೆಯು ಸಾವಿರಾರು ವಿದ್ಯಾರ್ಥಿಗಳಿಗೆ ಜ್ಞಾನ ದೀಪ ಹಚ್ಚಿದೆ. ಜಾಗತಿಕ ಮಟ್ಟದಲ್ಲಿ ಸ್ಪರ್ಧಿಸುವ ಸಾಮರ್ಥ್ಯ ಬೆಳೆಸಿಕೊಳ್ಳಬೇಕು ಎಂದರು. ಕಾರ್ಯಕ್ರಮದಲ್ಲಿ ಸಂಸ್ಥೆಯ ಪದಾಧಿಕಾರಿಗಳು, ಶಿಕ್ಷಕರು, ಹಳೆಯ ವಿದ್ಯಾರ್ಥಿಗಳು ಹಾಗೂ ಪಾಲಕರು ಉಪಸ್ಥಿತರಿದ್ದರು.
ಮೂಡಲಗಿ: ವಿದ್ಯಾರ್ಥಿಗಳು ಉನ್ನತ ಶಿಕ್ಷಣ ಪಡೆದು ಸಮಾಜಕ್ಕೆ ಕೊಡುಗೆ ನೀಡಬೇಕು. ಶಿಕ್ಷಣವೇ ಪ್ರಗತಿಯ ಮೂಲ ಎಂದು ರಾಜ್ಯಸಭಾ ಸದಸ್ಯ ಈರಣ್ಣ ಕಡಾಡಿ ಹೇಳಿದರು. ಪಟ್ಟಣದ ಶಿಕ್ಷಣ ಸಂಸ್ಥೆಯ 75ನೇ ವರ್ಷಾಚರಣೆ ಹಾಗೂ ನೂತನ ಕಟ್ಟಡದ ಉದ್ಘಾಟನೆ ಕಾರ್ಯಕ್ರಮದಲ್ಲಿ ಮಾತನಾಡಿದರು. ಗ್ರಾಮೀಣ ಭಾಗದ ವಿದ್ಯಾರ್ಥಿಗಳಿಗೆ ಗುಣಮಟ್ಟದ ಶಿಕ್ಷಣ ದೊರೆಯಬೇಕು. ಸಂಸ್ಥೆಯು ಸಾವಿರಾರು ವಿದ್ಯಾರ್ಥಿಗಳಿಗೆ ಜ್ಞಾನ ದೀಪ ಹಚ್ಚಿದೆ. ಜಾಗತಿಕ ಮಟ್ಟದಲ್ಲಿ ಸ್ಪರ್ಧಿಸುವ ಸಾಮರ್ಥ್ಯ ಬೆಳೆಸಿಕೊಳ್ಳಬೇಕು ಎಂದರು. ಕಾರ್ಯಕ್ರಮದಲ್ಲಿ ಸಂಸ್ಥೆಯ ಪದಾಧಿಕಾರಿಗಳು, ಶಿಕ್ಷಕರು, ಹಳೆಯ ವಿದ್ಯಾರ್ಥಿಗಳು ಹಾಗೂ ಪಾಲಕರು ಉಪಸ್ಥಿತರಿದ್ದರು.
ಮೂಡಲಗಿ: ವಿದ್ಯಾರ್ಥಿಗಳು ಉನ್ನತ ಶಿಕ್ಷಣ ಪಡೆದು ಸಮಾಜಕ್ಕೆ ಕೊಡುಗೆ ನೀಡಬೇಕು. ಶಿಕ್ಷಣವೇ ಪ್ರಗತಿಯ ಮೂಲ ಎಂದು ರಾಜ್ಯಸಭಾ ಸದಸ್ಯ ಈರಣ್ಣ ಕಡಾಡಿ ಹೇಳಿದರು. ಪಟ್ಟಣದ ಶಿಕ್ಷಣ ಸಂಸ್ಥೆಯ 75ನೇ ವರ್ಷಾಚರಣೆ ಹಾಗೂ ನೂತನ ಕಟ್ಟಡದ ಉದ್ಘಾಟನೆ ಕಾರ್ಯಕ್ರಮದಲ್ಲಿ ಮಾತನಾಡಿದರು. ಗ್ರಾಮೀಣ ಭಾಗದ ವಿದ್ಯಾರ್ಥಿಗಳಿಗೆ ಗುಣಮಟ್ಟದ ಶಿಕ್ಷಣ ದೊರೆಯಬೇಕು. ಸಂಸ್ಥೆಯು ಸಾವಿರಾರು ವಿದ್ಯಾರ್ಥಿಗಳಿಗೆ ಜ್ಞಾನ ದೀಪ ಹಚ್ಚಿದೆ. ಜಾಗತಿಕ ಮಟ್ಟದಲ್ಲಿ ಸ್ಪರ್ಧಿಸುವ ಸಾಮರ್ಥ್ಯ ಬೆಳೆಸಿಕೊಳ್ಳಬೇಕು ಎಂದರು. ಕಾರ್ಯಕ್ರಮದಲ್ಲಿ ಸಂಸ್ಥೆಯ ಪದಾಧಿಕಾರಿಗಳು, ಶಿಕ್ಷಕರು, ಹಳೆಯ ವಿದ್ಯಾರ್ಥಿಗಳು ಹಾಗೂ ಪಾಲಕರು ಉಪಸ್ಥಿತರಿದ್ದರು.
